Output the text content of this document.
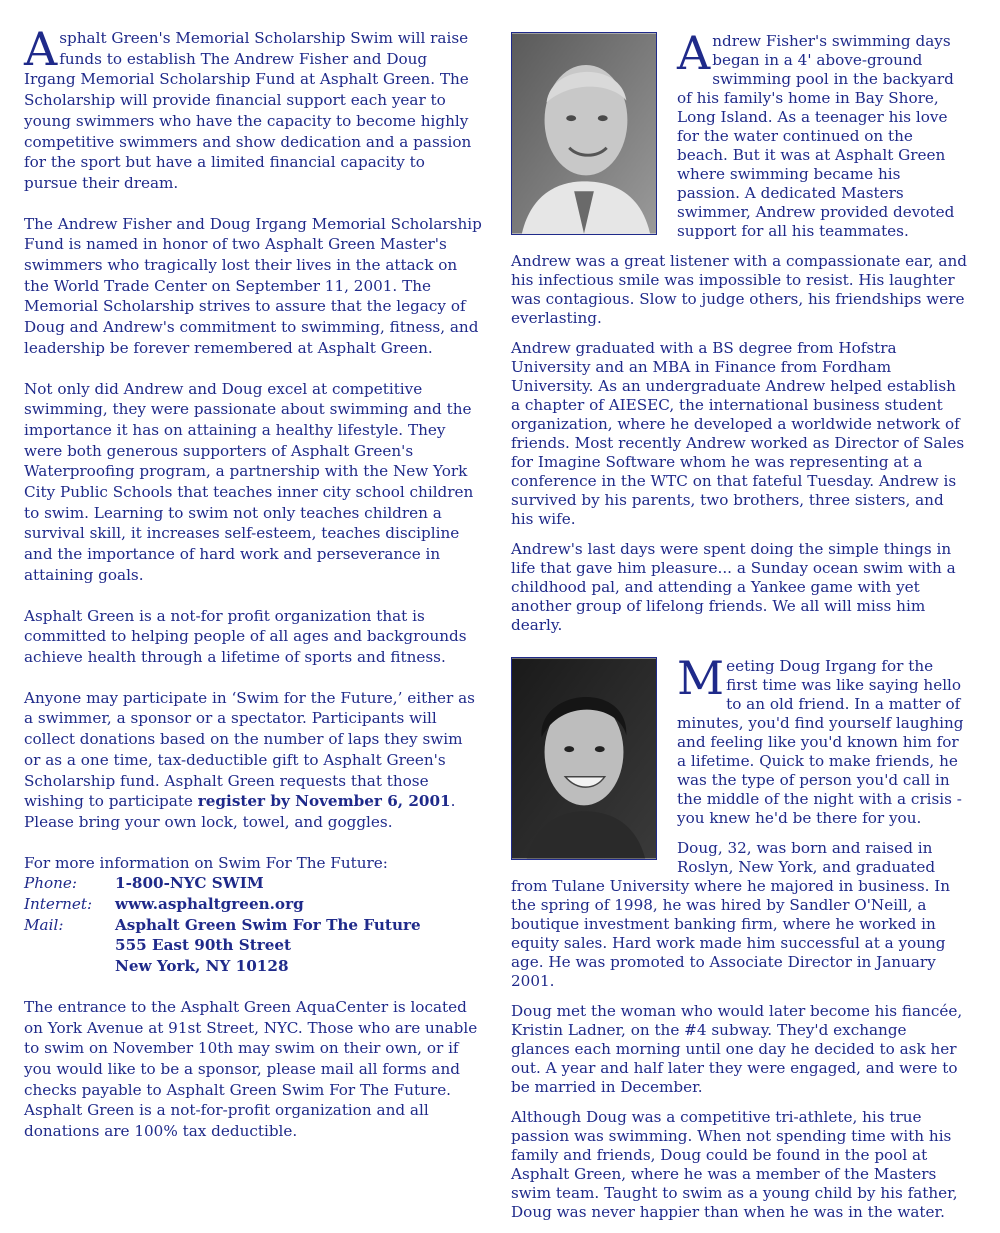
Asphalt Green's Memorial Scholarship Swim will raise funds to establish The Andrew Fisher and Doug Irgang Memorial Scholarship Fund at Asphalt Green. The Scholarship will provide financial support each year to young swimmers who have the capacity to become highly competitive swimmers and show dedication and a passion for the sport but have a limited financial capacity to pursue their dream.

The Andrew Fisher and Doug Irgang Memorial Scholarship Fund is named in honor of two Asphalt Green Master's swimmers who tragically lost their lives in the attack on the World Trade Center on September 11, 2001. The Memorial Scholarship strives to assure that the legacy of Doug and Andrew's commitment to swimming, fitness, and leadership be forever remembered at Asphalt Green.

Not only did Andrew and Doug excel at competitive swimming, they were passionate about swimming and the importance it has on attaining a healthy lifestyle. They were both generous supporters of Asphalt Green's Waterproofing program, a partnership with the New York City Public Schools that teaches inner city school children to swim. Learning to swim not only teaches children a survival skill, it increases self-esteem, teaches discipline and the importance of hard work and perseverance in attaining goals.

Asphalt Green is a not-for profit organization that is committed to helping people of all ages and backgrounds achieve health through a lifetime of sports and fitness.

Anyone may participate in ‘Swim for the Future,’ either as a swimmer, a sponsor or a spectator. Participants will collect donations based on the number of laps they swim or as a one time, tax-deductible gift to Asphalt Green's Scholarship fund. Asphalt Green requests that those wishing to participate register by November 6, 2001. Please bring your own lock, towel, and goggles.

For more information on Swim For The Future:
Phone:	1-800-NYC SWIM
Internet:	www.asphaltgreen.org
Mail:	Asphalt Green Swim For The Future
555 East 90th Street
New York, NY 10128

The entrance to the Asphalt Green AquaCenter is located on York Avenue at 91st Street, NYC. Those who are unable to swim on November 10th may swim on their own, or if you would like to be a sponsor, please mail all forms and checks payable to Asphalt Green Swim For The Future. Asphalt Green is a not-for-profit organization and all donations are 100% tax deductible.

Andrew Fisher's swimming days began in a 4' above-ground swimming pool in the backyard of his family's home in Bay Shore, Long Island. As a teenager his love for the water continued on the beach. But it was at Asphalt Green where swimming became his passion. A dedicated Masters swimmer, Andrew provided devoted support for all his teammates.

Andrew was a great listener with a compassionate ear, and his infectious smile was impossible to resist. His laughter was contagious. Slow to judge others, his friendships were everlasting.

Andrew graduated with a BS degree from Hofstra University and an MBA in Finance from Fordham University. As an undergraduate Andrew helped establish a chapter of AIESEC, the international business student organization, where he developed a worldwide network of friends. Most recently Andrew worked as Director of Sales for Imagine Software whom he was representing at a conference in the WTC on that fateful Tuesday. Andrew is survived by his parents, two brothers, three sisters, and his wife.

Andrew's last days were spent doing the simple things in life that gave him pleasure... a Sunday ocean swim with a childhood pal, and attending a Yankee game with yet another group of lifelong friends. We all will miss him dearly.

Meeting Doug Irgang for the first time was like saying hello to an old friend. In a matter of minutes, you'd find yourself laughing and feeling like you'd known him for a lifetime. Quick to make friends, he was the type of person you'd call in the middle of the night with a crisis - you knew he'd be there for you.

Doug, 32, was born and raised in Roslyn, New York, and graduated from Tulane University where he majored in business. In the spring of 1998, he was hired by Sandler O'Neill, a boutique investment banking firm, where he worked in equity sales. Hard work made him successful at a young age. He was promoted to Associate Director in January 2001.

Doug met the woman who would later become his fiancée, Kristin Ladner, on the #4 subway. They'd exchange glances each morning until one day he decided to ask her out. A year and half later they were engaged, and were to be married in December.

Although Doug was a competitive tri-athlete, his true passion was swimming. When not spending time with his family and friends, Doug could be found in the pool at Asphalt Green, where he was a member of the Masters swim team. Taught to swim as a young child by his father, Doug was never happier than when he was in the water.
